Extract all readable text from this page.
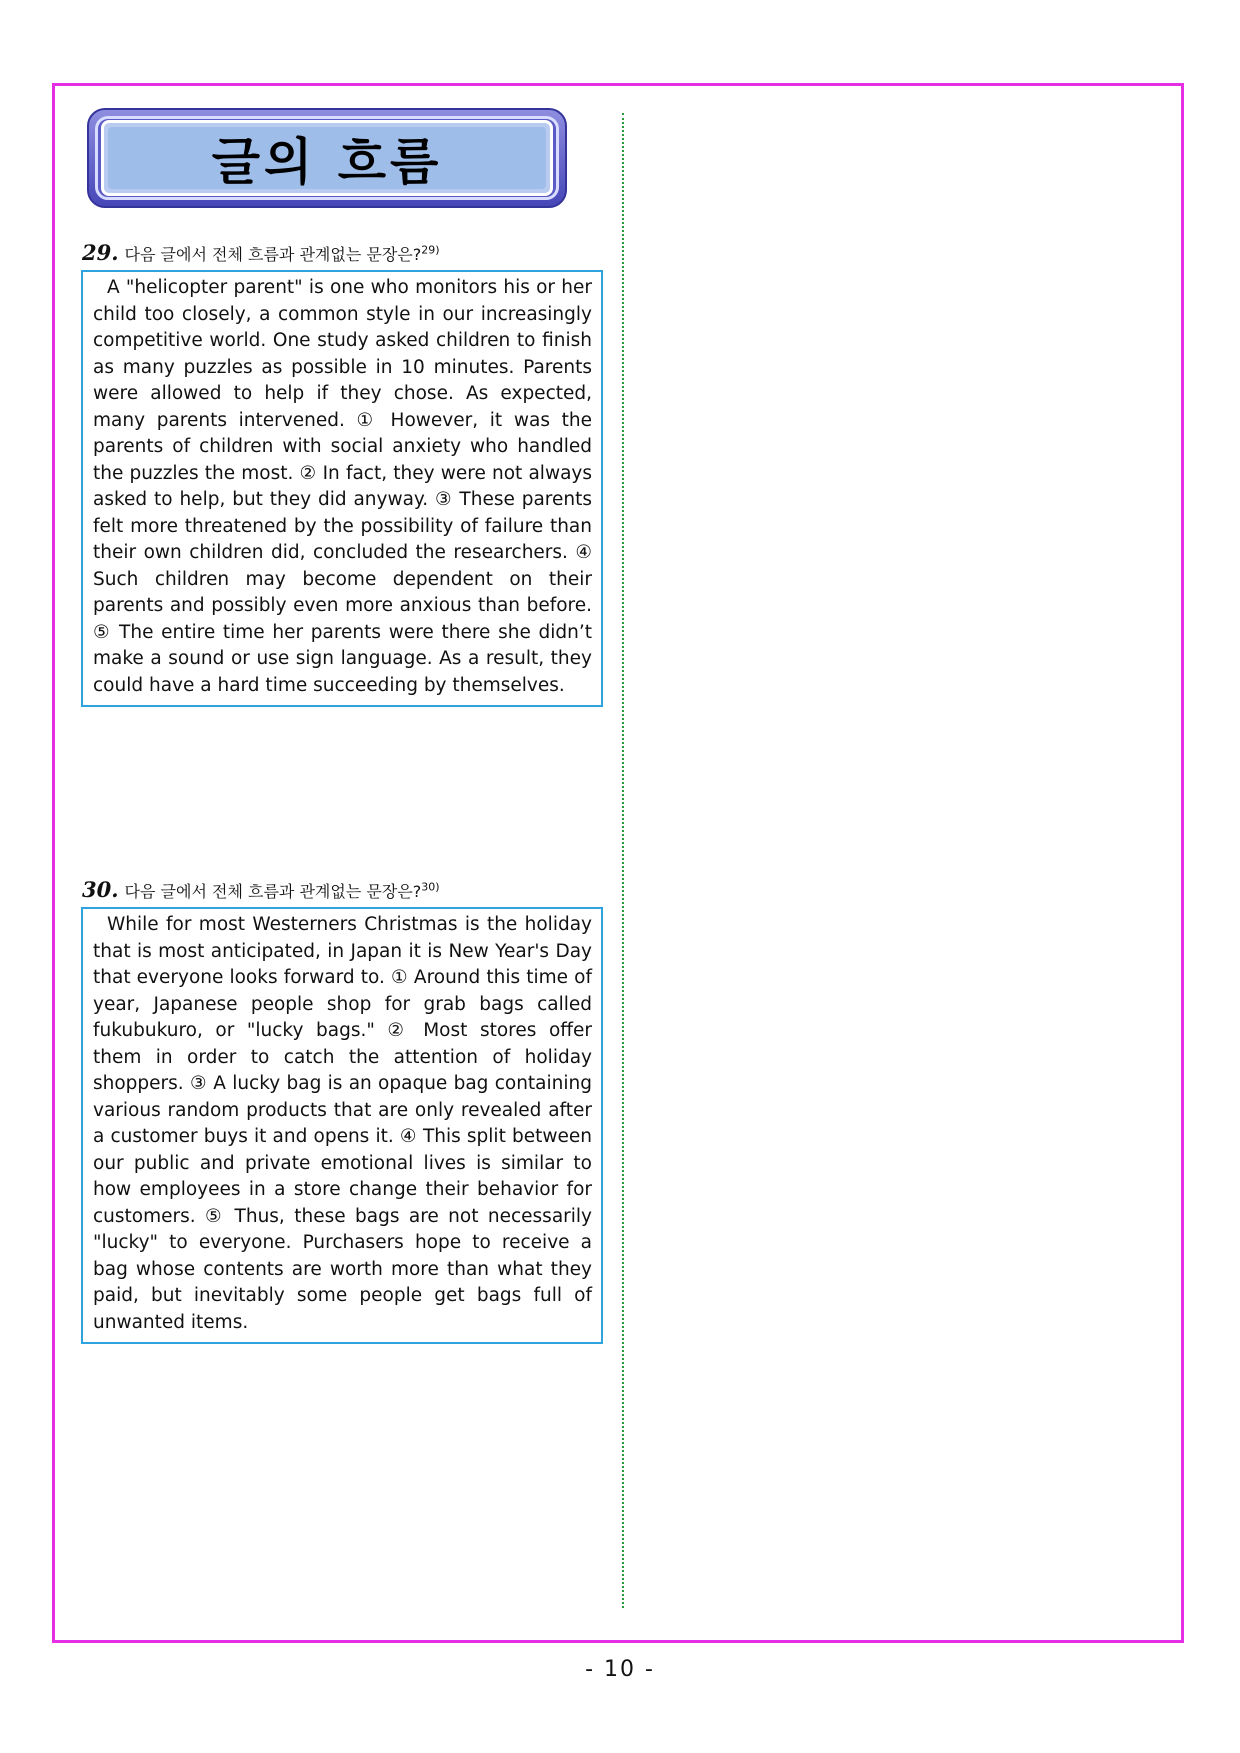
글의 흐름
29. 다음 글에서 전체 흐름과 관계없는 문장은?$^{29)}$
A "helicopter parent" is one who monitors his or her child too closely, a common style in our increasingly competitive world. One study asked children to finish as many puzzles as possible in 10 minutes. Parents were allowed to help if they chose. As expected, many parents intervened. ① However, it was the parents of children with social anxiety who handled the puzzles the most. ② In fact, they were not always asked to help, but they did anyway. ③ These parents felt more threatened by the possibility of failure than their own children did, concluded the researchers. ④ Such children may become dependent on their parents and possibly even more anxious than before. ⑤ The entire time her parents were there she didn’t make a sound or use sign language. As a result, they could have a hard time succeeding by themselves.
30. 다음 글에서 전체 흐름과 관계없는 문장은?$^{30)}$
While for most Westerners Christmas is the holiday that is most anticipated, in Japan it is New Year's Day that everyone looks forward to. ① Around this time of year, Japanese people shop for grab bags called fukubukuro, or "lucky bags." ② Most stores offer them in order to catch the attention of holiday shoppers. ③ A lucky bag is an opaque bag containing various random products that are only revealed after a customer buys it and opens it. ④ This split between our public and private emotional lives is similar to how employees in a store change their behavior for customers. ⑤ Thus, these bags are not necessarily "lucky" to everyone. Purchasers hope to receive a bag whose contents are worth more than what they paid, but inevitably some people get bags full of unwanted items.
- 10 -
